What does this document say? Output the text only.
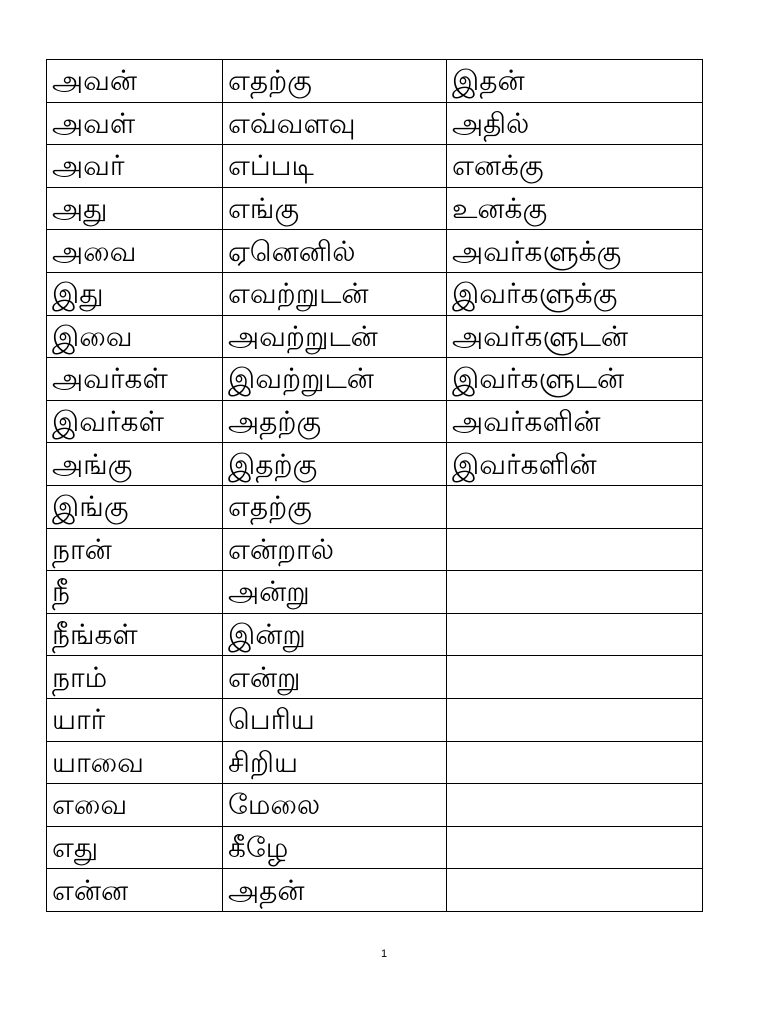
அவன்	எதற்கு	இதன்
அவள்	எவ்வளவு	அதில்
அவர்	எப்படி	எனக்கு
அது	எங்கு	உனக்கு
அவை	ஏனெனில்	அவர்களுக்கு
இது	எவற்றுடன்	இவர்களுக்கு
இவை	அவற்றுடன்	அவர்களுடன்
அவர்கள்	இவற்றுடன்	இவர்களுடன்
இவர்கள்	அதற்கு	அவர்களின்
அங்கு	இதற்கு	இவர்களின்
இங்கு	எதற்கு	
நான்	என்றால்	
நீ	அன்று	
நீங்கள்	இன்று	
நாம்	என்று	
யார்	பெரிய	
யாவை	சிறிய	
எவை	மேலை	
எது	கீழே	
என்ன	அதன்	
1
